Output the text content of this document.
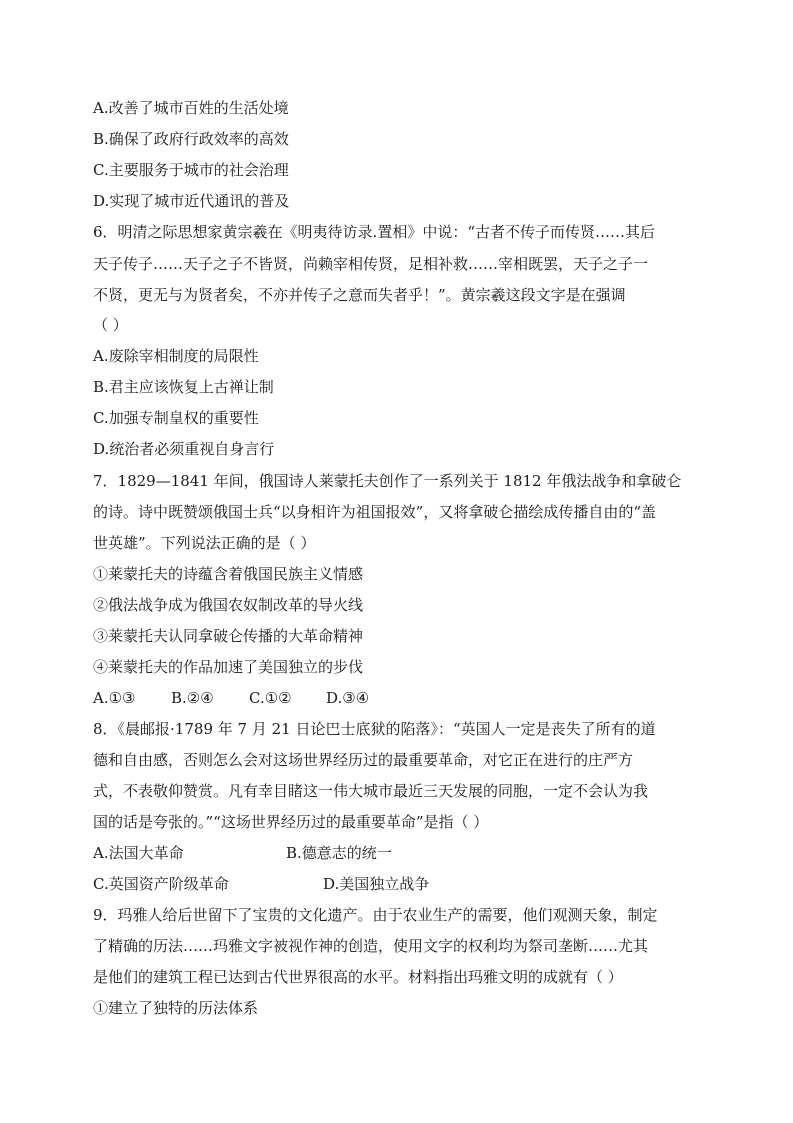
A.改善了城市百姓的生活处境
B.确保了政府行政效率的高效
C.主要服务于城市的社会治理
D.实现了城市近代通讯的普及
6．明清之际思想家黄宗羲在《明夷待访录.置相》中说：“古者不传子而传贤……其后
天子传子……天子之子不皆贤，尚赖宰相传贤，足相补救……宰相既罢，天子之子一
不贤，更无与为贤者矣，不亦并传子之意而失者乎！”。黄宗羲这段文字是在强调
（ ）
A.废除宰相制度的局限性
B.君主应该恢复上古禅让制
C.加强专制皇权的重要性
D.统治者必须重视自身言行
7．1829—1841 年间，俄国诗人莱蒙托夫创作了一系列关于 1812 年俄法战争和拿破仑
的诗。诗中既赞颂俄国士兵“以身相许为祖国报效”，又将拿破仑描绘成传播自由的“盖
世英雄”。下列说法正确的是（ ）
①莱蒙托夫的诗蕴含着俄国民族主义情感
②俄法战争成为俄国农奴制改革的导火线
③莱蒙托夫认同拿破仑传播的大革命精神
④莱蒙托夫的作品加速了美国独立的步伐
A.①③ B.②④ C.①② D.③④
8．《晨邮报·1789 年 7 月 21 日论巴士底狱的陷落》：“英国人一定是丧失了所有的道
德和自由感，否则怎么会对这场世界经历过的最重要革命，对它正在进行的庄严方
式，不表敬仰赞赏。凡有幸目睹这一伟大城市最近三天发展的同胞，一定不会认为我
国的话是夸张的。”“这场世界经历过的最重要革命”是指（ ）
A.法国大革命	B.德意志的统一
C.英国资产阶级革命	D.美国独立战争
9．玛雅人给后世留下了宝贵的文化遗产。由于农业生产的需要，他们观测天象，制定
了精确的历法……玛雅文字被视作神的创造，使用文字的权利均为祭司垄断……尤其
是他们的建筑工程已达到古代世界很高的水平。材料指出玛雅文明的成就有（ ）
①建立了独特的历法体系
